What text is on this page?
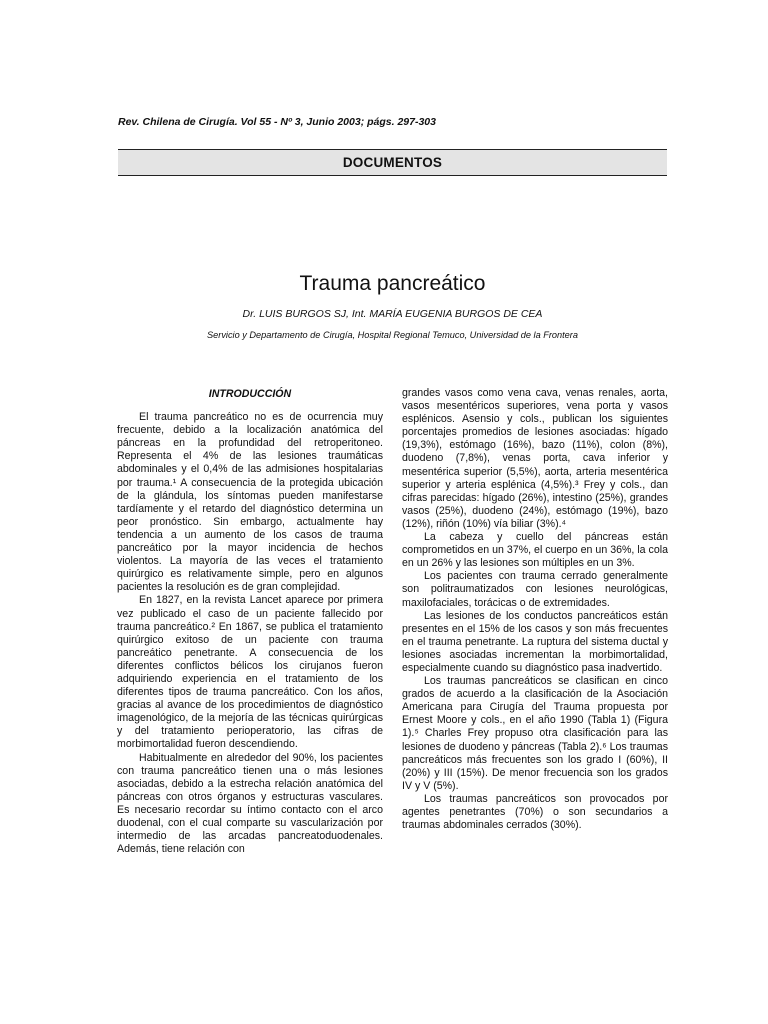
Rev. Chilena de Cirugía. Vol 55 - Nº 3, Junio 2003; págs. 297-303
DOCUMENTOS
Trauma pancreático
Dr. LUIS BURGOS SJ, Int. MARÍA EUGENIA BURGOS DE CEA
Servicio y Departamento de Cirugía, Hospital Regional Temuco, Universidad de la Frontera
INTRODUCCIÓN

El trauma pancreático no es de ocurrencia muy frecuente, debido a la localización anatómica del páncreas en la profundidad del retroperitoneo. Representa el 4% de las lesiones traumáticas abdominales y el 0,4% de las admisiones hospitalarias por trauma.¹ A consecuencia de la protegida ubicación de la glándula, los síntomas pueden manifestarse tardíamente y el retardo del diagnóstico determina un peor pronóstico. Sin embargo, actualmente hay tendencia a un aumento de los casos de trauma pancreático por la mayor incidencia de hechos violentos. La mayoría de las veces el tratamiento quirúrgico es relativamente simple, pero en algunos pacientes la resolución es de gran complejidad.

En 1827, en la revista Lancet aparece por primera vez publicado el caso de un paciente fallecido por trauma pancreático.² En 1867, se publica el tratamiento quirúrgico exitoso de un paciente con trauma pancreático penetrante. A consecuencia de los diferentes conflictos bélicos los cirujanos fueron adquiriendo experiencia en el tratamiento de los diferentes tipos de trauma pancreático. Con los años, gracias al avance de los procedimientos de diagnóstico imagenológico, de la mejoría de las técnicas quirúrgicas y del tratamiento perioperatorio, las cifras de morbimortalidad fueron descendiendo.

Habitualmente en alrededor del 90%, los pacientes con trauma pancreático tienen una o más lesiones asociadas, debido a la estrecha relación anatómica del páncreas con otros órganos y estructuras vasculares. Es necesario recordar su íntimo contacto con el arco duodenal, con el cual comparte su vascularización por intermedio de las arcadas pancreatoduodenales. Además, tiene relación con

grandes vasos como vena cava, venas renales, aorta, vasos mesentéricos superiores, vena porta y vasos esplénicos. Asensio y cols., publican los siguientes porcentajes promedios de lesiones asociadas: hígado (19,3%), estómago (16%), bazo (11%), colon (8%), duodeno (7,8%), venas porta, cava inferior y mesentérica superior (5,5%), aorta, arteria mesentérica superior y arteria esplénica (4,5%).³ Frey y cols., dan cifras parecidas: hígado (26%), intestino (25%), grandes vasos (25%), duodeno (24%), estómago (19%), bazo (12%), riñón (10%) vía biliar (3%).⁴

La cabeza y cuello del páncreas están comprometidos en un 37%, el cuerpo en un 36%, la cola en un 26% y las lesiones son múltiples en un 3%.

Los pacientes con trauma cerrado generalmente son politraumatizados con lesiones neurológicas, maxilofaciales, torácicas o de extremidades.

Las lesiones de los conductos pancreáticos están presentes en el 15% de los casos y son más frecuentes en el trauma penetrante. La ruptura del sistema ductal y lesiones asociadas incrementan la morbimortalidad, especialmente cuando su diagnóstico pasa inadvertido.

Los traumas pancreáticos se clasifican en cinco grados de acuerdo a la clasificación de la Asociación Americana para Cirugía del Trauma propuesta por Ernest Moore y cols., en el año 1990 (Tabla 1) (Figura 1).⁵ Charles Frey propuso otra clasificación para las lesiones de duodeno y páncreas (Tabla 2).⁶ Los traumas pancreáticos más frecuentes son los grado I (60%), II (20%) y III (15%). De menor frecuencia son los grados IV y V (5%).

Los traumas pancreáticos son provocados por agentes penetrantes (70%) o son secundarios a traumas abdominales cerrados (30%).
